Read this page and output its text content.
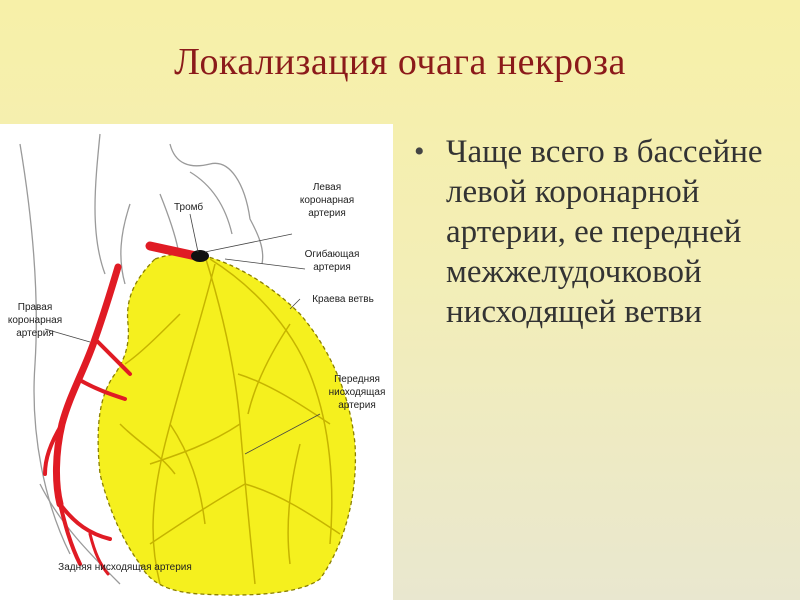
Локализация очага некроза
Тромб
Левая
коронарная
артерия
Огибающая
артерия
Краева ветвь
Правая
коронарная
артерия
Передняя
нисходящая
артерия
Задняя нисходящая артерия
• Чаще всего в бассейне левой коронарной артерии, ее передней межжелудочковой нисходящей ветви
